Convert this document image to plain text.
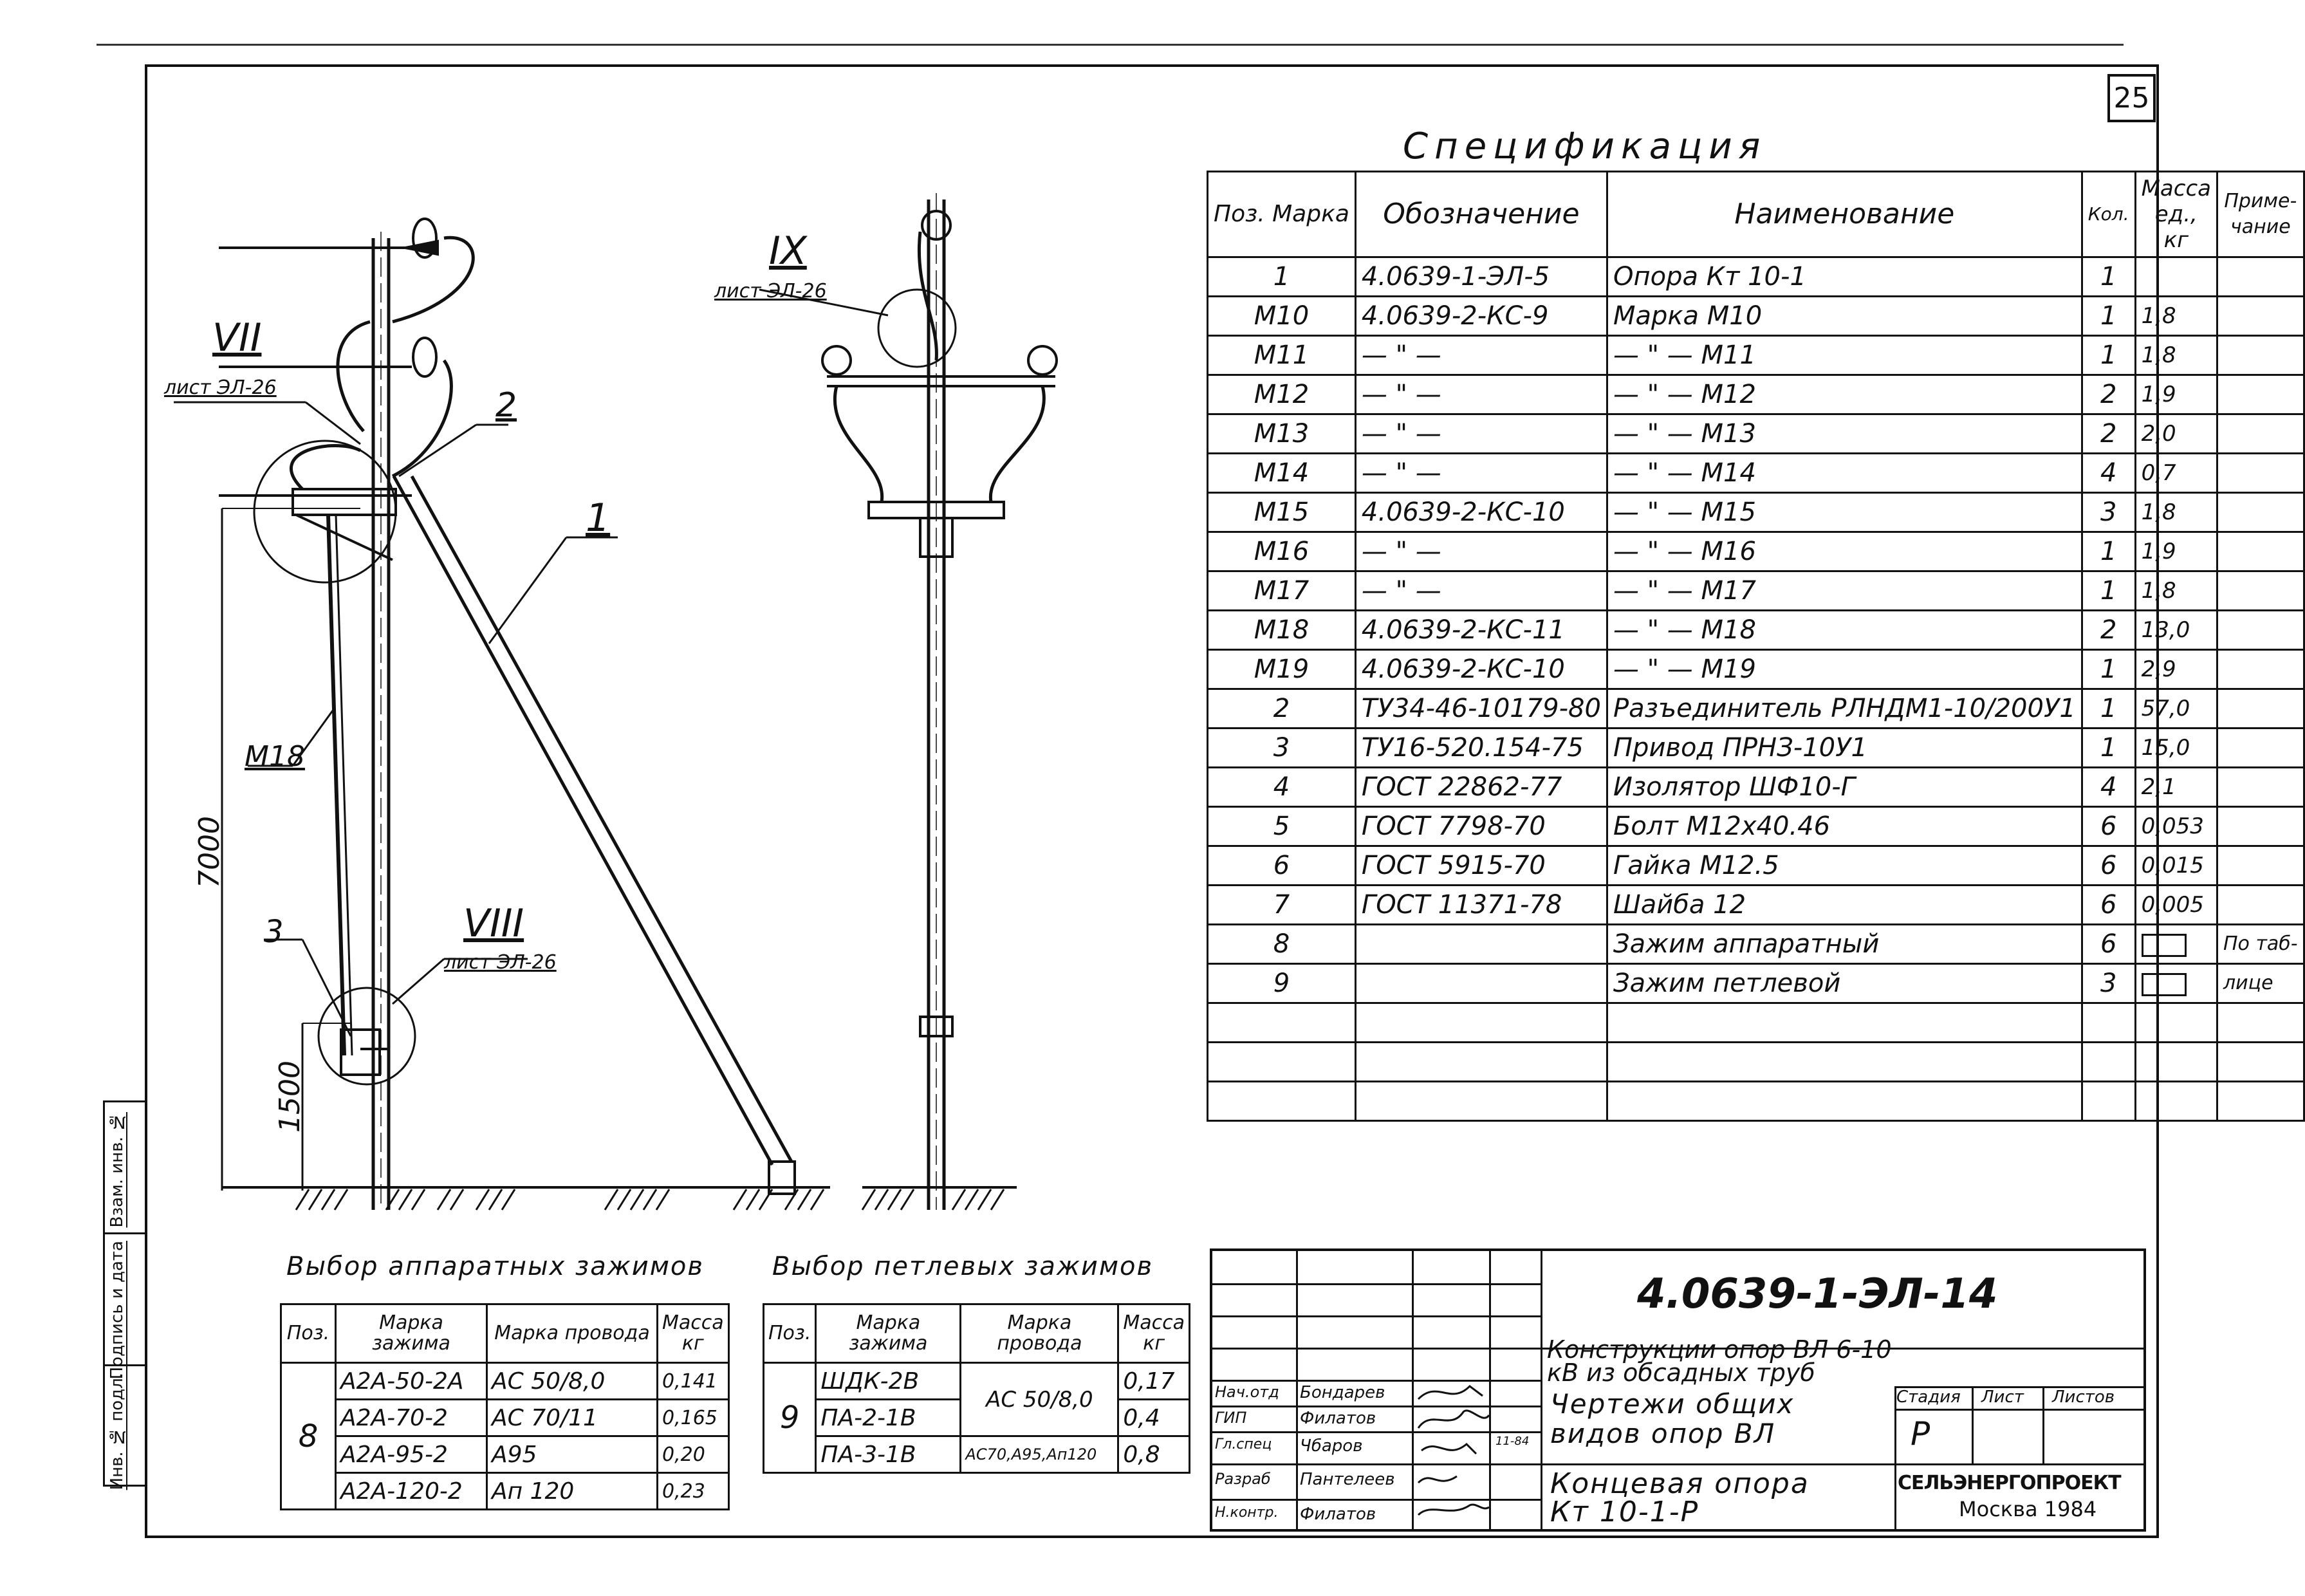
25
VII
лист ЭЛ-26
VIII
лист ЭЛ-26
IX
лист ЭЛ-26
1
2
3
М18
7000
1500
Спецификация
Поз. Марка	Обозначение	Наименование	Кол.	Масса ед., кг	Приме- чание
1	4.0639-1-ЭЛ-5	Опора Кт 10-1	1		
М10	4.0639-2-КС-9	Марка М10	1	1,8	
М11	— " —	— " — М11	1	1,8	
М12	— " —	— " — М12	2	1,9	
М13	— " —	— " — М13	2	2,0	
М14	— " —	— " — М14	4	0,7	
М15	4.0639-2-КС-10	— " — М15	3	1,8	
М16	— " —	— " — М16	1	1,9	
М17	— " —	— " — М17	1	1,8	
М18	4.0639-2-КС-11	— " — М18	2	13,0	
М19	4.0639-2-КС-10	— " — М19	1	2,9	
2	ТУ34-46-10179-80	Разъединитель РЛНДМ1-10/200У1	1	57,0	
3	ТУ16-520.154-75	Привод ПРНЗ-10У1	1	15,0	
4	ГОСТ 22862-77	Изолятор ШФ10-Г	4	2,1	
5	ГОСТ 7798-70	Болт М12х40.46	6	0,053	
6	ГОСТ 5915-70	Гайка М12.5	6	0,015	
7	ГОСТ 11371-78	Шайба 12	6	0,005	
8		Зажим аппаратный	6		По таб-
9		Зажим петлевой	3		лице

Выбор аппаратных зажимов
Поз.	Марка зажима	Марка провода	Масса кг
8	А2А-50-2А	АС 50/8,0	0,141
	А2А-70-2	АС 70/11	0,165
	А2А-95-2	А95	0,20
	А2А-120-2	Ап 120	0,23
Выбор петлевых зажимов
Поз.	Марка зажима	Марка провода	Масса кг
9	ШДК-2В	АС 50/8,0	0,17
	ПА-2-1В		0,4
	ПА-3-1В	АС70,А95,Ап120	0,8
4.0639-1-ЭЛ-14
Конструкции опор ВЛ 6-10 кВ из обсадных труб
Чертежи общих видов опор ВЛ
Концевая опора Кт 10-1-Р
Стадия Лист Листов
Р
СЕЛЬЭНЕРГОПРОЕКТ
Москва 1984
11-84
Нач.отд Бондарев
ГИП	Филатов
Гл.спец Чбаров
Разраб Пантелеев
Н.контр. Филатов
Взам. инв. №
Подпись и дата
Инв. № подл.
